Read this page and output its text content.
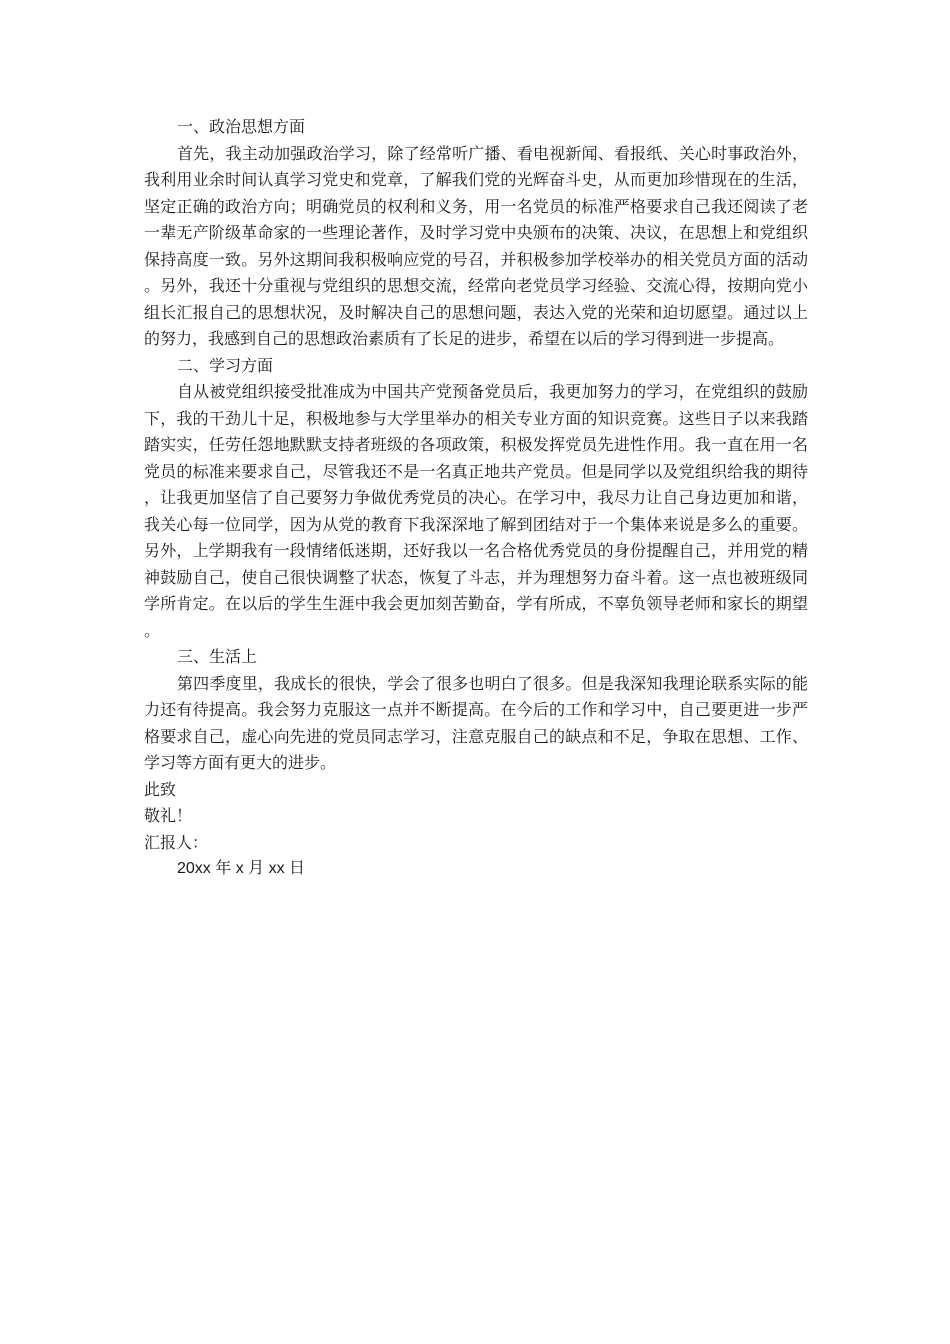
一、政治思想方面

首先，我主动加强政治学习，除了经常听广播、看电视新闻、看报纸、关心时事政治外，我利用业余时间认真学习党史和党章，了解我们党的光辉奋斗史，从而更加珍惜现在的生活，坚定正确的政治方向；明确党员的权利和义务，用一名党员的标准严格要求自己我还阅读了老一辈无产阶级革命家的一些理论著作，及时学习党中央颁布的决策、决议，在思想上和党组织保持高度一致。另外这期间我积极响应党的号召，并积极参加学校举办的相关党员方面的活动。另外，我还十分重视与党组织的思想交流，经常向老党员学习经验、交流心得，按期向党小组长汇报自己的思想状况，及时解决自己的思想问题，表达入党的光荣和迫切愿望。通过以上的努力，我感到自己的思想政治素质有了长足的进步，希望在以后的学习得到进一步提高。

二、学习方面

自从被党组织接受批准成为中国共产党预备党员后，我更加努力的学习，在党组织的鼓励下，我的干劲儿十足，积极地参与大学里举办的相关专业方面的知识竞赛。这些日子以来我踏踏实实，任劳任怨地默默支持者班级的各项政策，积极发挥党员先进性作用。我一直在用一名党员的标准来要求自己，尽管我还不是一名真正地共产党员。但是同学以及党组织给我的期待，让我更加坚信了自己要努力争做优秀党员的决心。在学习中，我尽力让自己身边更加和谐，我关心每一位同学，因为从党的教育下我深深地了解到团结对于一个集体来说是多么的重要。另外，上学期我有一段情绪低迷期，还好我以一名合格优秀党员的身份提醒自己，并用党的精神鼓励自己，使自己很快调整了状态，恢复了斗志，并为理想努力奋斗着。这一点也被班级同学所肯定。在以后的学生生涯中我会更加刻苦勤奋，学有所成，不辜负领导老师和家长的期望。

三、生活上

第四季度里，我成长的很快，学会了很多也明白了很多。但是我深知我理论联系实际的能力还有待提高。我会努力克服这一点并不断提高。在今后的工作和学习中，自己要更进一步严格要求自己，虚心向先进的党员同志学习，注意克服自己的缺点和不足，争取在思想、工作、学习等方面有更大的进步。

此致

敬礼！

汇报人：

20xx 年 x 月 xx 日
